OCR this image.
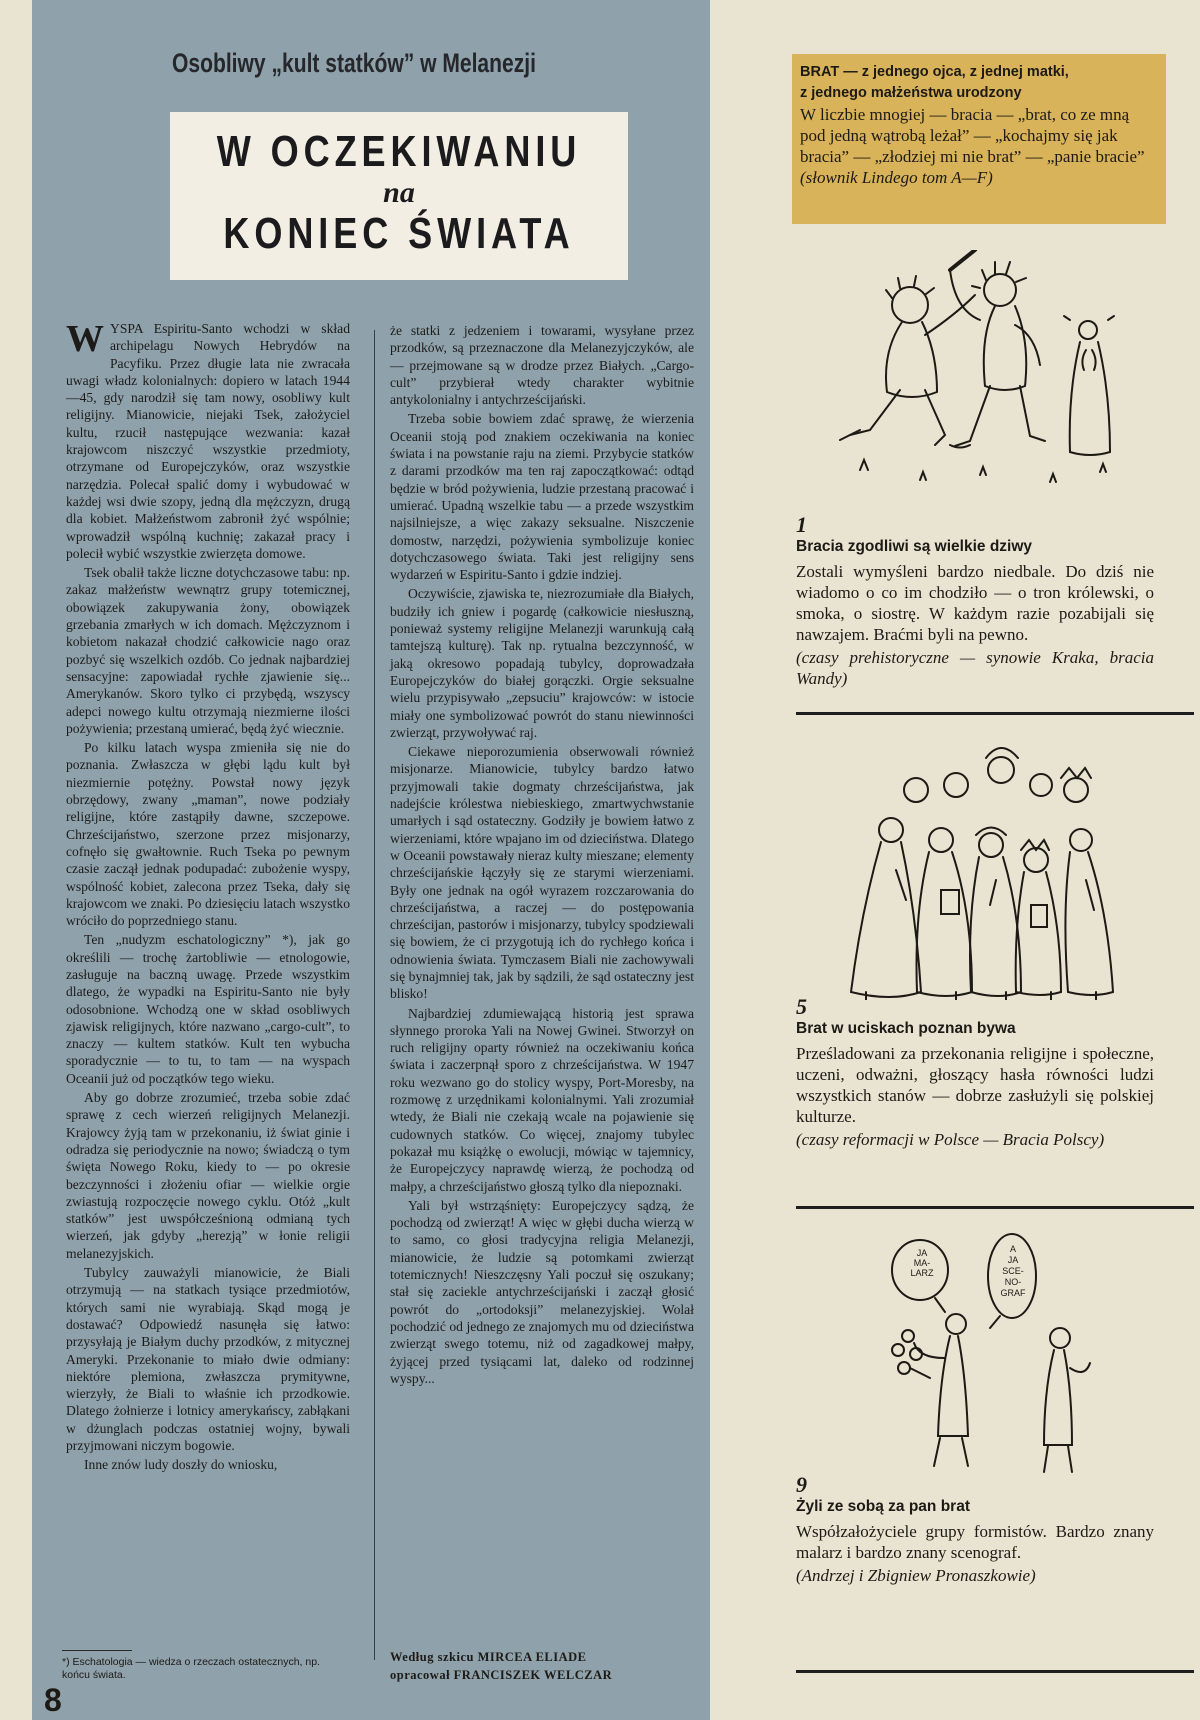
Osobliwy „kult statków” w Melanezji
W OCZEKIWANIU
na
KONIEC ŚWIATA

WYSPA Espiritu-Santo wchodzi w skład archipelagu Nowych Hebrydów na Pacyfiku. Przez długie lata nie zwracała uwagi władz kolonialnych: dopiero w latach 1944—45, gdy narodził się tam nowy, osobliwy kult religijny. Mianowicie, niejaki Tsek, założyciel kultu, rzucił następujące wezwania: kazał krajowcom niszczyć wszystkie przedmioty, otrzymane od Europejczyków, oraz wszystkie narzędzia. Polecał spalić domy i wybudować w każdej wsi dwie szopy, jedną dla mężczyzn, drugą dla kobiet. Małżeństwom zabronił żyć wspólnie; wprowadził wspólną kuchnię; zakazał pracy i polecił wybić wszystkie zwierzęta domowe.

Tsek obalił także liczne dotychczasowe tabu: np. zakaz małżeństw wewnątrz grupy totemicznej, obowiązek zakupywania żony, obowiązek grzebania zmarłych w ich domach. Mężczyznom i kobietom nakazał chodzić całkowicie nago oraz pozbyć się wszelkich ozdób. Co jednak najbardziej sensacyjne: zapowiadał rychłe zjawienie się... Amerykanów. Skoro tylko ci przybędą, wszyscy adepci nowego kultu otrzymają niezmierne ilości pożywienia; przestaną umierać, będą żyć wiecznie.

Po kilku latach wyspa zmieniła się nie do poznania. Zwłaszcza w głębi lądu kult był niezmiernie potężny. Powstał nowy język obrzędowy, zwany „maman”, nowe podziały religijne, które zastąpiły dawne, szczepowe. Chrześcijaństwo, szerzone przez misjonarzy, cofnęło się gwałtownie. Ruch Tseka po pewnym czasie zaczął jednak podupadać: zubożenie wyspy, wspólność kobiet, zalecona przez Tseka, dały się krajowcom we znaki. Po dziesięciu latach wszystko wróciło do poprzedniego stanu.

Ten „nudyzm eschatologiczny” *), jak go określili — trochę żartobliwie — etnologowie, zasługuje na baczną uwagę. Przede wszystkim dlatego, że wypadki na Espiritu-Santo nie były odosobnione. Wchodzą one w skład osobliwych zjawisk religijnych, które nazwano „cargo-cult”, to znaczy — kultem statków. Kult ten wybucha sporadycznie — to tu, to tam — na wyspach Oceanii już od początków tego wieku.

Aby go dobrze zrozumieć, trzeba sobie zdać sprawę z cech wierzeń religijnych Melanezji. Krajowcy żyją tam w przekonaniu, iż świat ginie i odradza się periodycznie na nowo; świadczą o tym święta Nowego Roku, kiedy to — po okresie bezczynności i złożeniu ofiar — wielkie orgie zwiastują rozpoczęcie nowego cyklu. Otóż „kult statków” jest uwspółcześnioną odmianą tych wierzeń, jak gdyby „herezją” w łonie religii melanezyjskich.

Tubylcy zauważyli mianowicie, że Biali otrzymują — na statkach tysiące przedmiotów, których sami nie wyrabiają. Skąd mogą je dostawać? Odpowiedź nasunęła się łatwo: przysyłają je Białym duchy przodków, z mitycznej Ameryki. Przekonanie to miało dwie odmiany: niektóre plemiona, zwłaszcza prymitywne, wierzyły, że Biali to właśnie ich przodkowie. Dlatego żołnierze i lotnicy amerykańscy, zabłąkani w dżunglach podczas ostatniej wojny, bywali przyjmowani niczym bogowie.

Inne znów ludy doszły do wniosku,

że statki z jedzeniem i towarami, wysyłane przez przodków, są przeznaczone dla Melanezyjczyków, ale — przejmowane są w drodze przez Białych. „Cargo-cult” przybierał wtedy charakter wybitnie antykolonialny i antychrześcijański.

Trzeba sobie bowiem zdać sprawę, że wierzenia Oceanii stoją pod znakiem oczekiwania na koniec świata i na powstanie raju na ziemi. Przybycie statków z darami przodków ma ten raj zapoczątkować: odtąd będzie w bród pożywienia, ludzie przestaną pracować i umierać. Upadną wszelkie tabu — a przede wszystkim najsilniejsze, a więc zakazy seksualne. Niszczenie domostw, narzędzi, pożywienia symbolizuje koniec dotychczasowego świata. Taki jest religijny sens wydarzeń w Espiritu-Santo i gdzie indziej.

Oczywiście, zjawiska te, niezrozumiałe dla Białych, budziły ich gniew i pogardę (całkowicie niesłuszną, ponieważ systemy religijne Melanezji warunkują całą tamtejszą kulturę). Tak np. rytualna bezczynność, w jaką okresowo popadają tubylcy, doprowadzała Europejczyków do białej gorączki. Orgie seksualne wielu przypisywało „zepsuciu” krajowców: w istocie miały one symbolizować powrót do stanu niewinności zwierząt, przywoływać raj.

Ciekawe nieporozumienia obserwowali również misjonarze. Mianowicie, tubylcy bardzo łatwo przyjmowali takie dogmaty chrześcijaństwa, jak nadejście królestwa niebieskiego, zmartwychwstanie umarłych i sąd ostateczny. Godziły je bowiem łatwo z wierzeniami, które wpajano im od dzieciństwa. Dlatego w Oceanii powstawały nieraz kulty mieszane; elementy chrześcijańskie łączyły się ze starymi wierzeniami. Były one jednak na ogół wyrazem rozczarowania do chrześcijaństwa, a raczej — do postępowania chrześcijan, pastorów i misjonarzy, tubylcy spodziewali się bowiem, że ci przygotują ich do rychłego końca i odnowienia świata. Tymczasem Biali nie zachowywali się bynajmniej tak, jak by sądzili, że sąd ostateczny jest blisko!

Najbardziej zdumiewającą historią jest sprawa słynnego proroka Yali na Nowej Gwinei. Stworzył on ruch religijny oparty również na oczekiwaniu końca świata i zaczerpnął sporo z chrześcijaństwa. W 1947 roku wezwano go do stolicy wyspy, Port-Moresby, na rozmowę z urzędnikami kolonialnymi. Yali zrozumiał wtedy, że Biali nie czekają wcale na pojawienie się cudownych statków. Co więcej, znajomy tubylec pokazał mu książkę o ewolucji, mówiąc w tajemnicy, że Europejczycy naprawdę wierzą, że pochodzą od małpy, a chrześcijaństwo głoszą tylko dla niepoznaki.

Yali był wstrząśnięty: Europejczycy sądzą, że pochodzą od zwierząt! A więc w głębi ducha wierzą w to samo, co głosi tradycyjna religia Melanezji, mianowicie, że ludzie są potomkami zwierząt totemicznych! Nieszczęsny Yali poczuł się oszukany; stał się zaciekle antychrześcijański i zaczął głosić powrót do „ortodoksji” melanezyjskiej. Wolał pochodzić od jednego ze znajomych mu od dzieciństwa zwierząt swego totemu, niż od zagadkowej małpy, żyjącej przed tysiącami lat, daleko od rodzinnej wyspy...

*) Eschatologia — wiedza o rzeczach ostatecznych, np. końcu świata.
Według szkicu MIRCEA ELIADE
opracował FRANCISZEK WELCZAR
8
BRAT — z jednego ojca, z jednej matki,
z jednego małżeństwa urodzony
W liczbie mnogiej — bracia — „brat, co ze mną pod jedną wątrobą leżał” — „kochajmy się jak bracia” — „złodziej mi nie brat” — „panie bracie”
(słownik Lindego tom A—F)
1
Bracia zgodliwi są wielkie dziwy
Zostali wymyśleni bardzo niedbale. Do dziś nie wiadomo o co im chodziło — o tron królewski, o smoka, o siostrę. W każdym razie pozabijali się nawzajem. Braćmi byli na pewno.
(czasy prehistoryczne — synowie Kraka, bracia Wandy)
5
Brat w uciskach poznan bywa
Prześladowani za przekonania religijne i społeczne, uczeni, odważni, głoszący hasła równości ludzi wszystkich stanów — dobrze zasłużyli się polskiej kulturze.
(czasy reformacji w Polsce — Bracia Polscy)
JA
MA-
LARZ
A
JA
SCE-
NO-
GRAF
9
Żyli ze sobą za pan brat
Współzałożyciele grupy formistów. Bardzo znany malarz i bardzo znany scenograf.
(Andrzej i Zbigniew Pronaszkowie)
